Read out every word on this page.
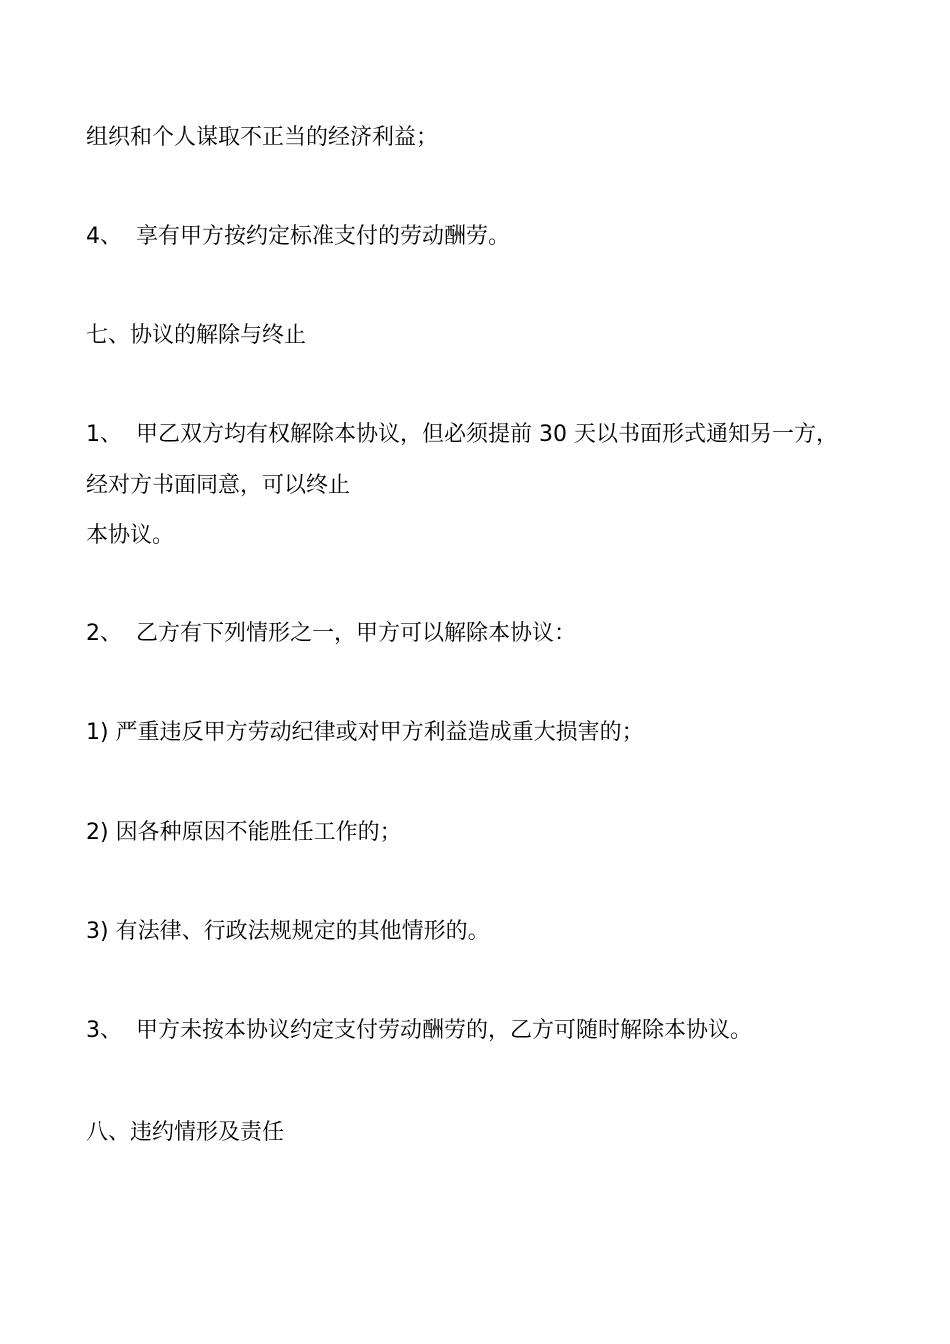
组织和个人谋取不正当的经济利益；
4、 享有甲方按约定标准支付的劳动酬劳。
七、协议的解除与终止
1、 甲乙双方均有权解除本协议，但必须提前 30 天以书面形式通知另一方，
经对方书面同意，可以终止
本协议。
2、 乙方有下列情形之一，甲方可以解除本协议：
1) 严重违反甲方劳动纪律或对甲方利益造成重大损害的；
2) 因各种原因不能胜任工作的；
3) 有法律、行政法规规定的其他情形的。
3、 甲方未按本协议约定支付劳动酬劳的，乙方可随时解除本协议。
八、违约情形及责任
